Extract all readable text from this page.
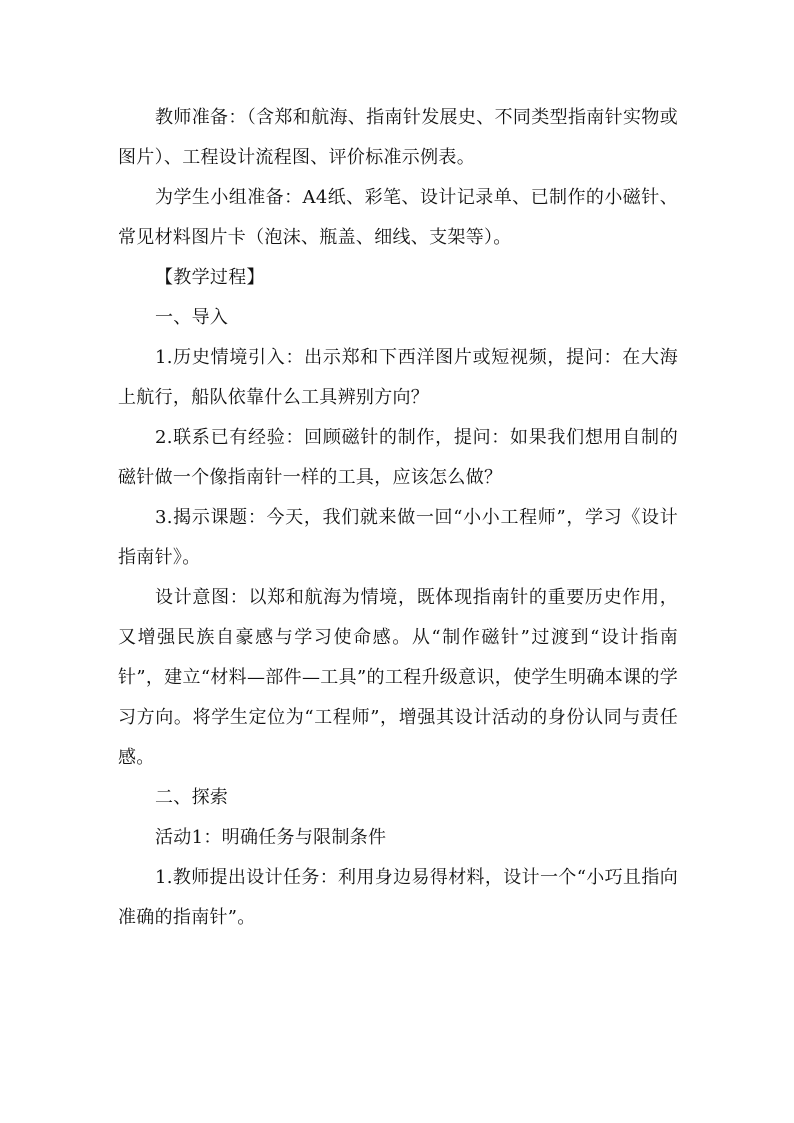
教师准备：（含郑和航海、指南针发展史、不同类型指南针实物或图片）、工程设计流程图、评价标准示例表。

为学生小组准备：A4纸、彩笔、设计记录单、已制作的小磁针、常见材料图片卡（泡沫、瓶盖、细线、支架等）。

【教学过程】

一、导入

1.历史情境引入：出示郑和下西洋图片或短视频，提问：在大海上航行，船队依靠什么工具辨别方向？

2.联系已有经验：回顾磁针的制作，提问：如果我们想用自制的磁针做一个像指南针一样的工具，应该怎么做？

3.揭示课题：今天，我们就来做一回“小小工程师”，学习《设计指南针》。

设计意图：以郑和航海为情境，既体现指南针的重要历史作用，又增强民族自豪感与学习使命感。从“制作磁针”过渡到“设计指南针”，建立“材料—部件—工具”的工程升级意识，使学生明确本课的学习方向。将学生定位为“工程师”，增强其设计活动的身份认同与责任感。

二、探索

活动1：明确任务与限制条件

1.教师提出设计任务：利用身边易得材料，设计一个“小巧且指向准确的指南针”。
